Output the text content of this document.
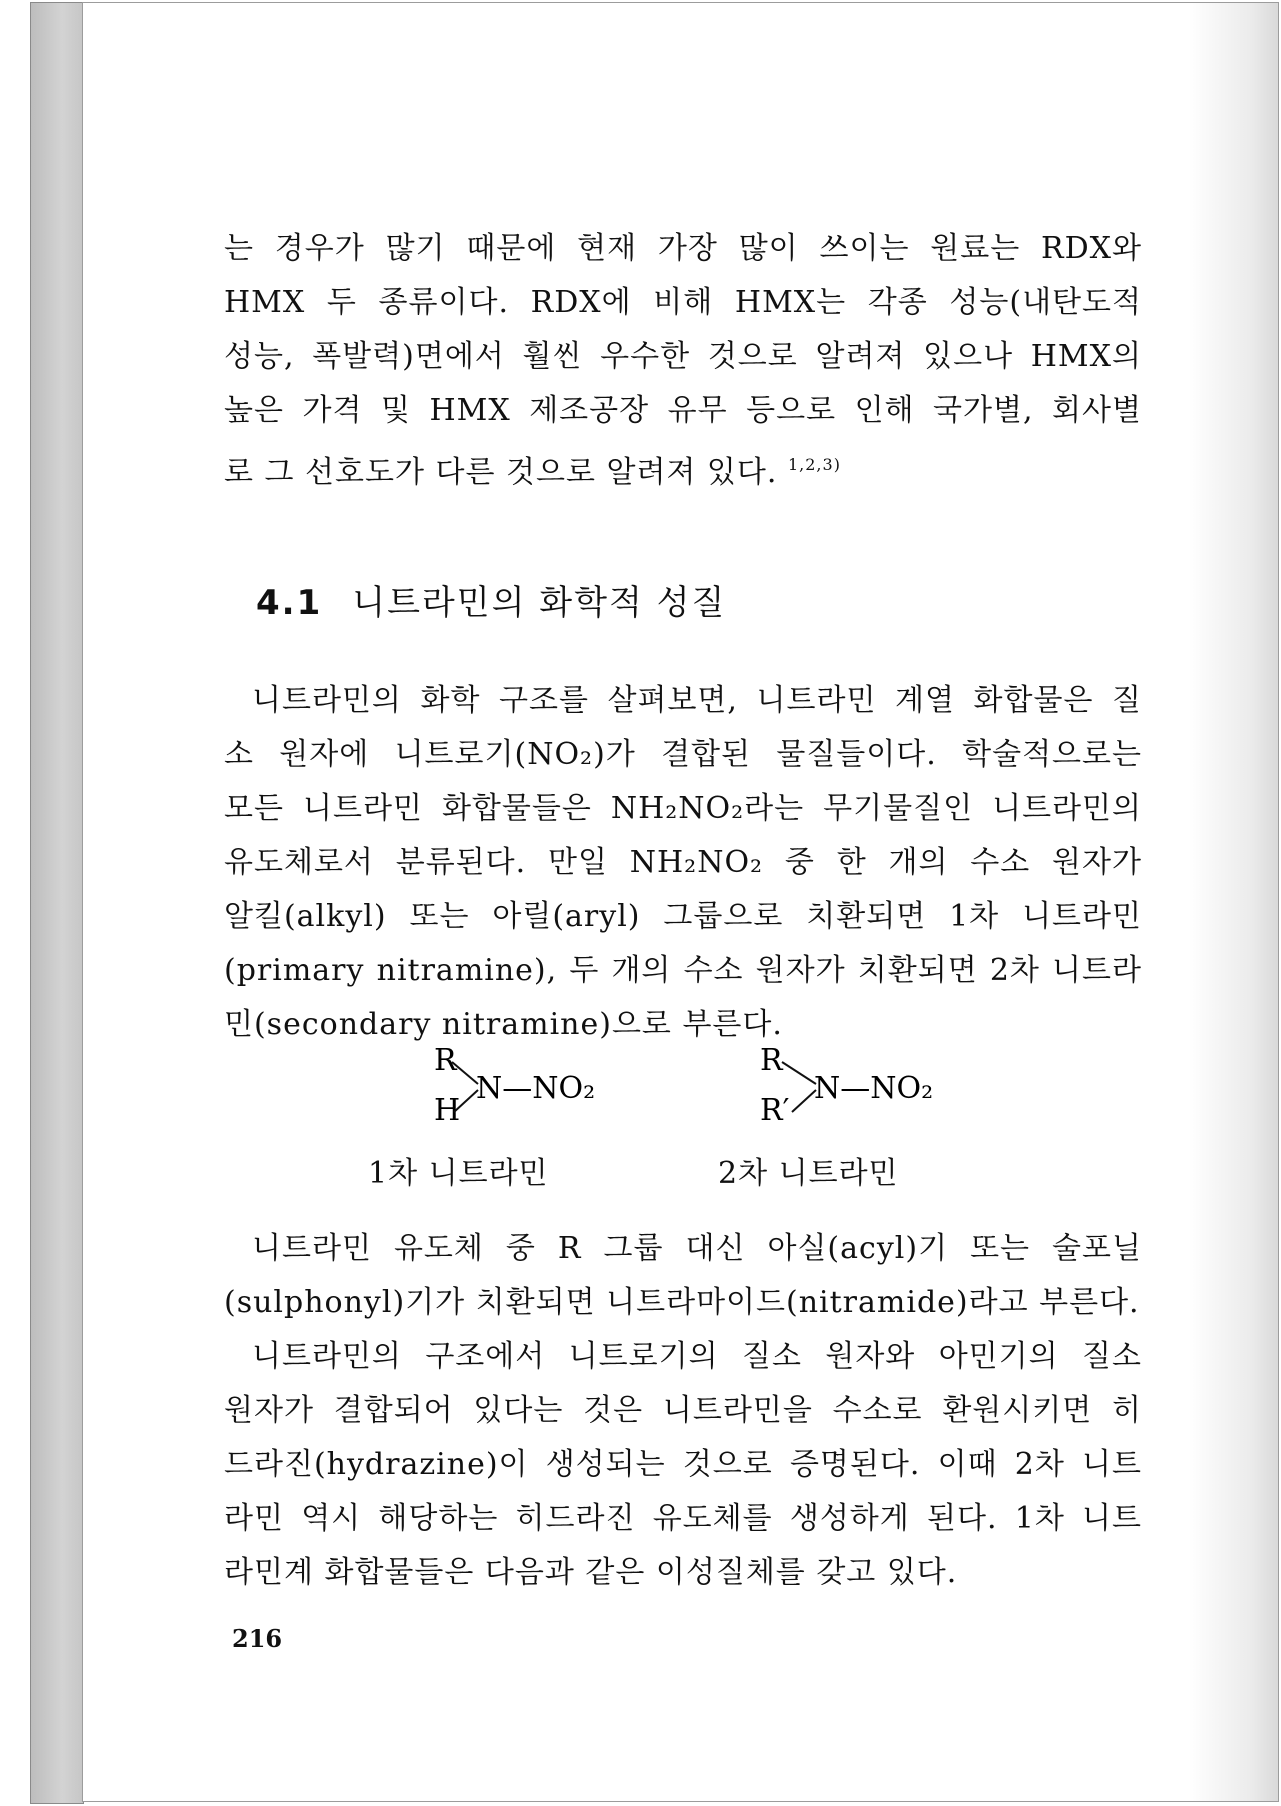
는 경우가 많기 때문에 현재 가장 많이 쓰이는 원료는 RDX와
HMX 두 종류이다. RDX에 비해 HMX는 각종 성능(내탄도적
성능, 폭발력)면에서 훨씬 우수한 것으로 알려져 있으나 HMX의
높은 가격 및 HMX 제조공장 유무 등으로 인해 국가별, 회사별
로 그 선호도가 다른 것으로 알려져 있다. $^{1,2,3)}$
4.1 니트라민의 화학적 성질
니트라민의 화학 구조를 살펴보면, 니트라민 계열 화합물은 질
소 원자에 니트로기(NO₂)가 결합된 물질들이다. 학술적으로는
모든 니트라민 화합물들은 NH₂NO₂라는 무기물질인 니트라민의
유도체로서 분류된다. 만일 NH₂NO₂ 중 한 개의 수소 원자가
알킬(alkyl) 또는 아릴(aryl) 그룹으로 치환되면 1차 니트라민
(primary nitramine), 두 개의 수소 원자가 치환되면 2차 니트라
민(secondary nitramine)으로 부른다.
R
H
N—NO₂
1차 니트라민
R
R′
N—NO₂
2차 니트라민
니트라민 유도체 중 R 그룹 대신 아실(acyl)기 또는 술포닐
(sulphonyl)기가 치환되면 니트라마이드(nitramide)라고 부른다.
니트라민의 구조에서 니트로기의 질소 원자와 아민기의 질소
원자가 결합되어 있다는 것은 니트라민을 수소로 환원시키면 히
드라진(hydrazine)이 생성되는 것으로 증명된다. 이때 2차 니트
라민 역시 해당하는 히드라진 유도체를 생성하게 된다. 1차 니트
라민계 화합물들은 다음과 같은 이성질체를 갖고 있다.
216
